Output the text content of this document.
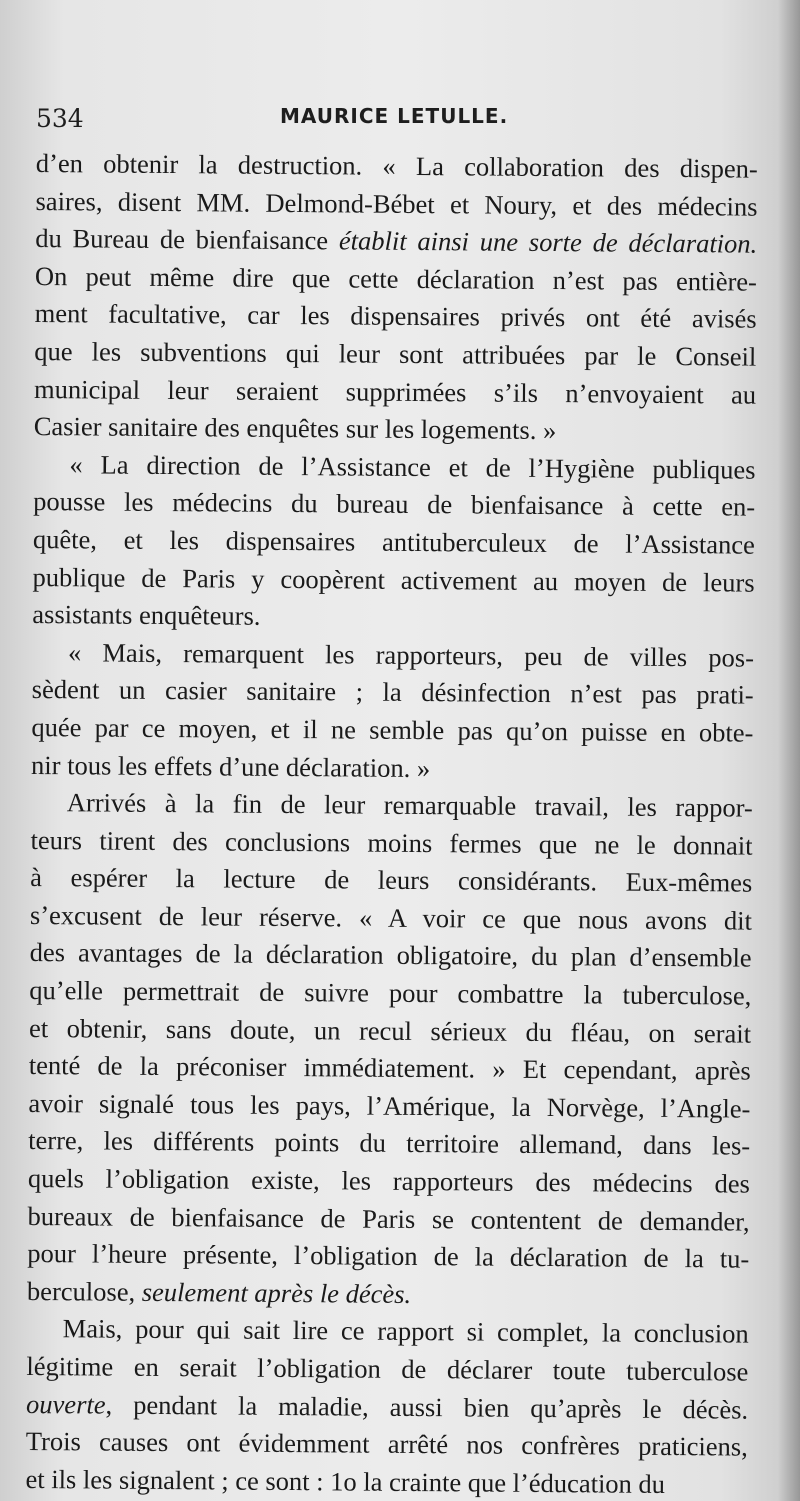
534	MAURICE LETULLE.
d’en obtenir la destruction. « La collaboration des dispen-
saires, disent MM. Delmond-Bébet et Noury, et des médecins
du Bureau de bienfaisance établit ainsi une sorte de déclaration.
On peut même dire que cette déclaration n’est pas entière-
ment facultative, car les dispensaires privés ont été avisés
que les subventions qui leur sont attribuées par le Conseil
municipal leur seraient supprimées s’ils n’envoyaient au
Casier sanitaire des enquêtes sur les logements. »
« La direction de l’Assistance et de l’Hygiène publiques
pousse les médecins du bureau de bienfaisance à cette en-
quête, et les dispensaires antituberculeux de l’Assistance
publique de Paris y coopèrent activement au moyen de leurs
assistants enquêteurs.
« Mais, remarquent les rapporteurs, peu de villes pos-
sèdent un casier sanitaire ; la désinfection n’est pas prati-
quée par ce moyen, et il ne semble pas qu’on puisse en obte-
nir tous les effets d’une déclaration. »
Arrivés à la fin de leur remarquable travail, les rappor-
teurs tirent des conclusions moins fermes que ne le donnait
à espérer la lecture de leurs considérants. Eux-mêmes
s’excusent de leur réserve. « A voir ce que nous avons dit
des avantages de la déclaration obligatoire, du plan d’ensemble
qu’elle permettrait de suivre pour combattre la tuberculose,
et obtenir, sans doute, un recul sérieux du fléau, on serait
tenté de la préconiser immédiatement. » Et cependant, après
avoir signalé tous les pays, l’Amérique, la Norvège, l’Angle-
terre, les différents points du territoire allemand, dans les-
quels l’obligation existe, les rapporteurs des médecins des
bureaux de bienfaisance de Paris se contentent de demander,
pour l’heure présente, l’obligation de la déclaration de la tu-
berculose, seulement après le décès.
Mais, pour qui sait lire ce rapport si complet, la conclusion
légitime en serait l’obligation de déclarer toute tuberculose
ouverte, pendant la maladie, aussi bien qu’après le décès.
Trois causes ont évidemment arrêté nos confrères praticiens,
et ils les signalent ; ce sont : 1o la crainte que l’éducation du
